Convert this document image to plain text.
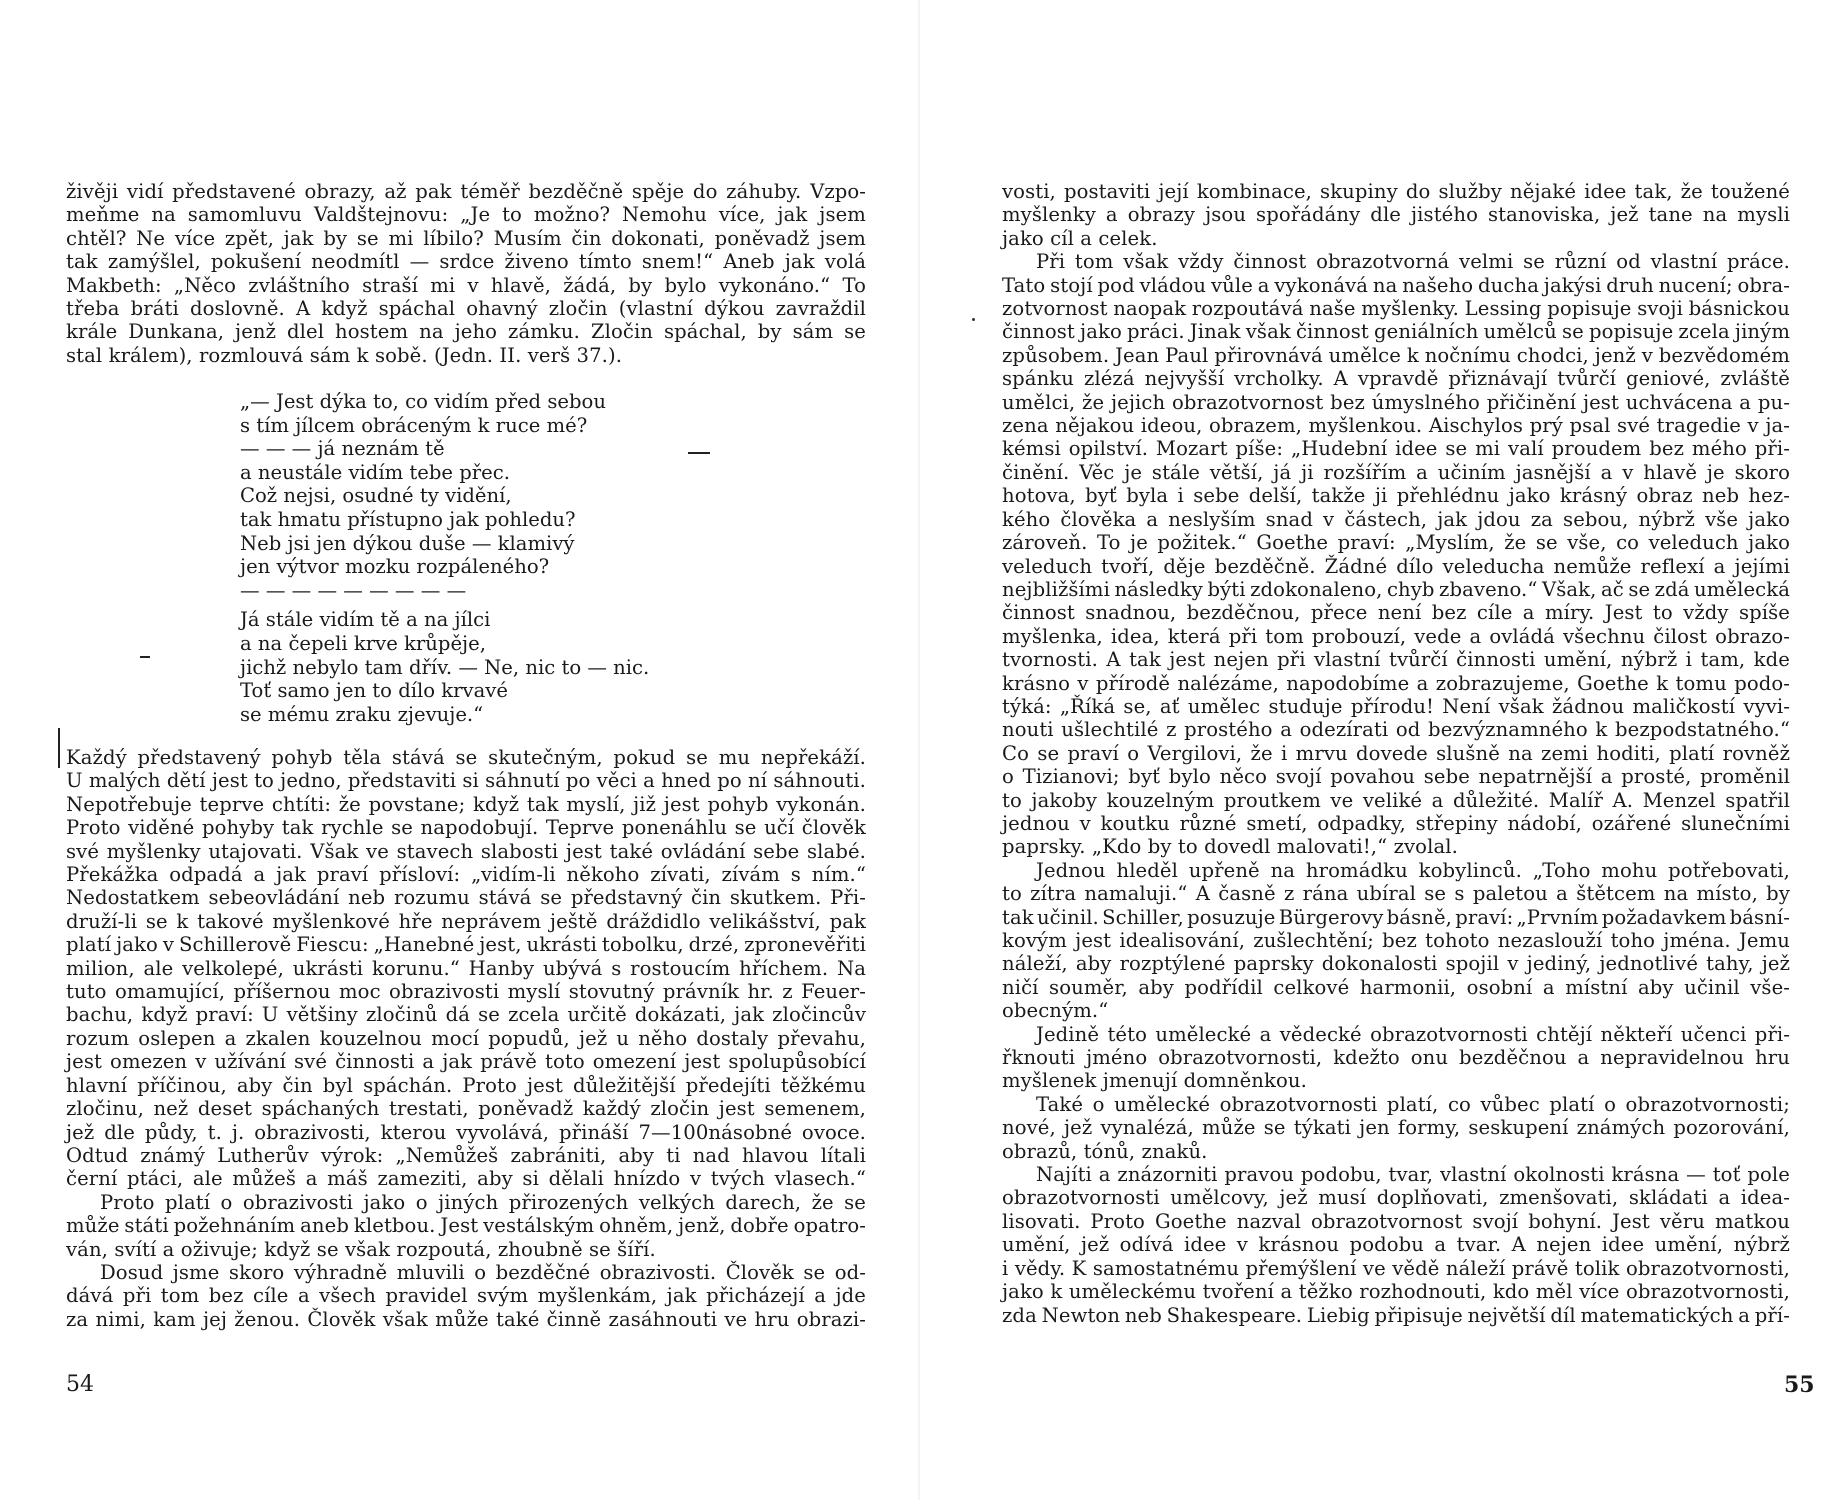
živěji vidí představené obrazy, až pak téměř bezděčně spěje do záhuby. Vzpo-
meňme na samomluvu Valdštejnovu: „Je to možno? Nemohu více, jak jsem
chtěl? Ne více zpět, jak by se mi líbilo? Musím čin dokonati, poněvadž jsem
tak zamýšlel, pokušení neodmítl — srdce živeno tímto snem!“ Aneb jak volá
Makbeth: „Něco zvláštního straší mi v hlavě, žádá, by bylo vykonáno.“ To
třeba bráti doslovně. A když spáchal ohavný zločin (vlastní dýkou zavraždil
krále Dunkana, jenž dlel hostem na jeho zámku. Zločin spáchal, by sám se
stal králem), rozmlouvá sám k sobě. (Jedn. II. verš 37.).
„— Jest dýka to, co vidím před sebou
s tím jílcem obráceným k ruce mé?
— — — já neznám tě
a neustále vidím tebe přec.
Což nejsi, osudné ty vidění,
tak hmatu přístupno jak pohledu?
Neb jsi jen dýkou duše — klamivý
jen výtvor mozku rozpáleného?
— — — — — — — — —
Já stále vidím tě a na jílci
a na čepeli krve krůpěje,
jichž nebylo tam dřív. — Ne, nic to — nic.
Toť samo jen to dílo krvavé
se mému zraku zjevuje.“
Každý představený pohyb těla stává se skutečným, pokud se mu nepřekáží.
U malých dětí jest to jedno, představiti si sáhnutí po věci a hned po ní sáhnouti.
Nepotřebuje teprve chtíti: že povstane; když tak myslí, již jest pohyb vykonán.
Proto viděné pohyby tak rychle se napodobují. Teprve ponenáhlu se učí člověk
své myšlenky utajovati. Však ve stavech slabosti jest také ovládání sebe slabé.
Překážka odpadá a jak praví přísloví: „vidím-li někoho zívati, zívám s ním.“
Nedostatkem sebeovládání neb rozumu stává se představný čin skutkem. Při-
druží-li se k takové myšlenkové hře neprávem ještě dráždidlo velikášství, pak
platí jako v Schillerově Fiescu: „Hanebné jest, ukrásti tobolku, drzé, zpronevěřiti
milion, ale velkolepé, ukrásti korunu.“ Hanby ubývá s rostoucím hříchem. Na
tuto omamující, příšernou moc obrazivosti myslí stovutný právník hr. z Feuer-
bachu, když praví: U většiny zločinů dá se zcela určitě dokázati, jak zločincův
rozum oslepen a zkalen kouzelnou mocí popudů, jež u něho dostaly převahu,
jest omezen v užívání své činnosti a jak právě toto omezení jest spolupůsobící
hlavní příčinou, aby čin byl spáchán. Proto jest důležitější předejíti těžkému
zločinu, než deset spáchaných trestati, poněvadž každý zločin jest semenem,
jež dle půdy, t. j. obrazivosti, kterou vyvolává, přináší 7—100násobné ovoce.
Odtud známý Lutherův výrok: „Nemůžeš zabrániti, aby ti nad hlavou lítali
černí ptáci, ale můžeš a máš zameziti, aby si dělali hnízdo v tvých vlasech.“
Proto platí o obrazivosti jako o jiných přirozených velkých darech, že se
může státi požehnáním aneb kletbou. Jest vestálským ohněm, jenž, dobře opatro-
ván, svítí a oživuje; když se však rozpoutá, zhoubně se šíří.
Dosud jsme skoro výhradně mluvili o bezděčné obrazivosti. Člověk se od-
dává při tom bez cíle a všech pravidel svým myšlenkám, jak přicházejí a jde
za nimi, kam jej ženou. Člověk však může také činně zasáhnouti ve hru obrazi-
54
vosti, postaviti její kombinace, skupiny do služby nějaké idee tak, že toužené
myšlenky a obrazy jsou spořádány dle jistého stanoviska, jež tane na mysli
jako cíl a celek.
Při tom však vždy činnost obrazotvorná velmi se různí od vlastní práce.
Tato stojí pod vládou vůle a vykonává na našeho ducha jakýsi druh nucení; obra-
zotvornost naopak rozpoutává naše myšlenky. Lessing popisuje svoji básnickou
činnost jako práci. Jinak však činnost geniálních umělců se popisuje zcela jiným
způsobem. Jean Paul přirovnává umělce k nočnímu chodci, jenž v bezvědomém
spánku zlézá nejvyšší vrcholky. A vpravdě přiznávají tvůrčí geniové, zvláště
umělci, že jejich obrazotvornost bez úmyslného přičinění jest uchvácena a pu-
zena nějakou ideou, obrazem, myšlenkou. Aischylos prý psal své tragedie v ja-
kémsi opilství. Mozart píše: „Hudební idee se mi valí proudem bez mého při-
činění. Věc je stále větší, já ji rozšířím a učiním jasnější a v hlavě je skoro
hotova, byť byla i sebe delší, takže ji přehlédnu jako krásný obraz neb hez-
kého člověka a neslyším snad v částech, jak jdou za sebou, nýbrž vše jako
zároveň. To je požitek.“ Goethe praví: „Myslím, že se vše, co veleduch jako
veleduch tvoří, děje bezděčně. Žádné dílo veleducha nemůže reflexí a jejími
nejbližšími následky býti zdokonaleno, chyb zbaveno.“ Však, ač se zdá umělecká
činnost snadnou, bezděčnou, přece není bez cíle a míry. Jest to vždy spíše
myšlenka, idea, která při tom probouzí, vede a ovládá všechnu čilost obrazo-
tvornosti. A tak jest nejen při vlastní tvůrčí činnosti umění, nýbrž i tam, kde
krásno v přírodě nalézáme, napodobíme a zobrazujeme, Goethe k tomu podo-
týká: „Říká se, ať umělec studuje přírodu! Není však žádnou maličkostí vyvi-
nouti ušlechtilé z prostého a odezírati od bezvýznamného k bezpodstatného.“
Co se praví o Vergilovi, že i mrvu dovede slušně na zemi hoditi, platí rovněž
o Tizianovi; byť bylo něco svojí povahou sebe nepatrnější a prosté, proměnil
to jakoby kouzelným proutkem ve veliké a důležité. Malíř A. Menzel spatřil
jednou v koutku různé smetí, odpadky, střepiny nádobí, ozářené slunečními
paprsky. „Kdo by to dovedl malovati!,“ zvolal.
Jednou hleděl upřeně na hromádku kobylinců. „Toho mohu potřebovati,
to zítra namaluji.“ A časně z rána ubíral se s paletou a štětcem na místo, by
tak učinil. Schiller, posuzuje Bürgerovy básně, praví: „Prvním požadavkem básní-
kovým jest idealisování, zušlechtění; bez tohoto nezaslouží toho jména. Jemu
náleží, aby rozptýlené paprsky dokonalosti spojil v jediný, jednotlivé tahy, jež
ničí souměr, aby podřídil celkové harmonii, osobní a místní aby učinil vše-
obecným.“
Jedině této umělecké a vědecké obrazotvornosti chtějí někteří učenci při-
řknouti jméno obrazotvornosti, kdežto onu bezděčnou a nepravidelnou hru
myšlenek jmenují domněnkou.
Také o umělecké obrazotvornosti platí, co vůbec platí o obrazotvornosti;
nové, jež vynalézá, může se týkati jen formy, seskupení známých pozorování,
obrazů, tónů, znaků.
Najíti a znázorniti pravou podobu, tvar, vlastní okolnosti krásna — toť pole
obrazotvornosti umělcovy, jež musí doplňovati, zmenšovati, skládati a idea-
lisovati. Proto Goethe nazval obrazotvornost svojí bohyní. Jest věru matkou
umění, jež odívá idee v krásnou podobu a tvar. A nejen idee umění, nýbrž
i vědy. K samostatnému přemýšlení ve vědě náleží právě tolik obrazotvornosti,
jako k uměleckému tvoření a těžko rozhodnouti, kdo měl více obrazotvornosti,
zda Newton neb Shakespeare. Liebig připisuje největší díl matematických a pří-
55
